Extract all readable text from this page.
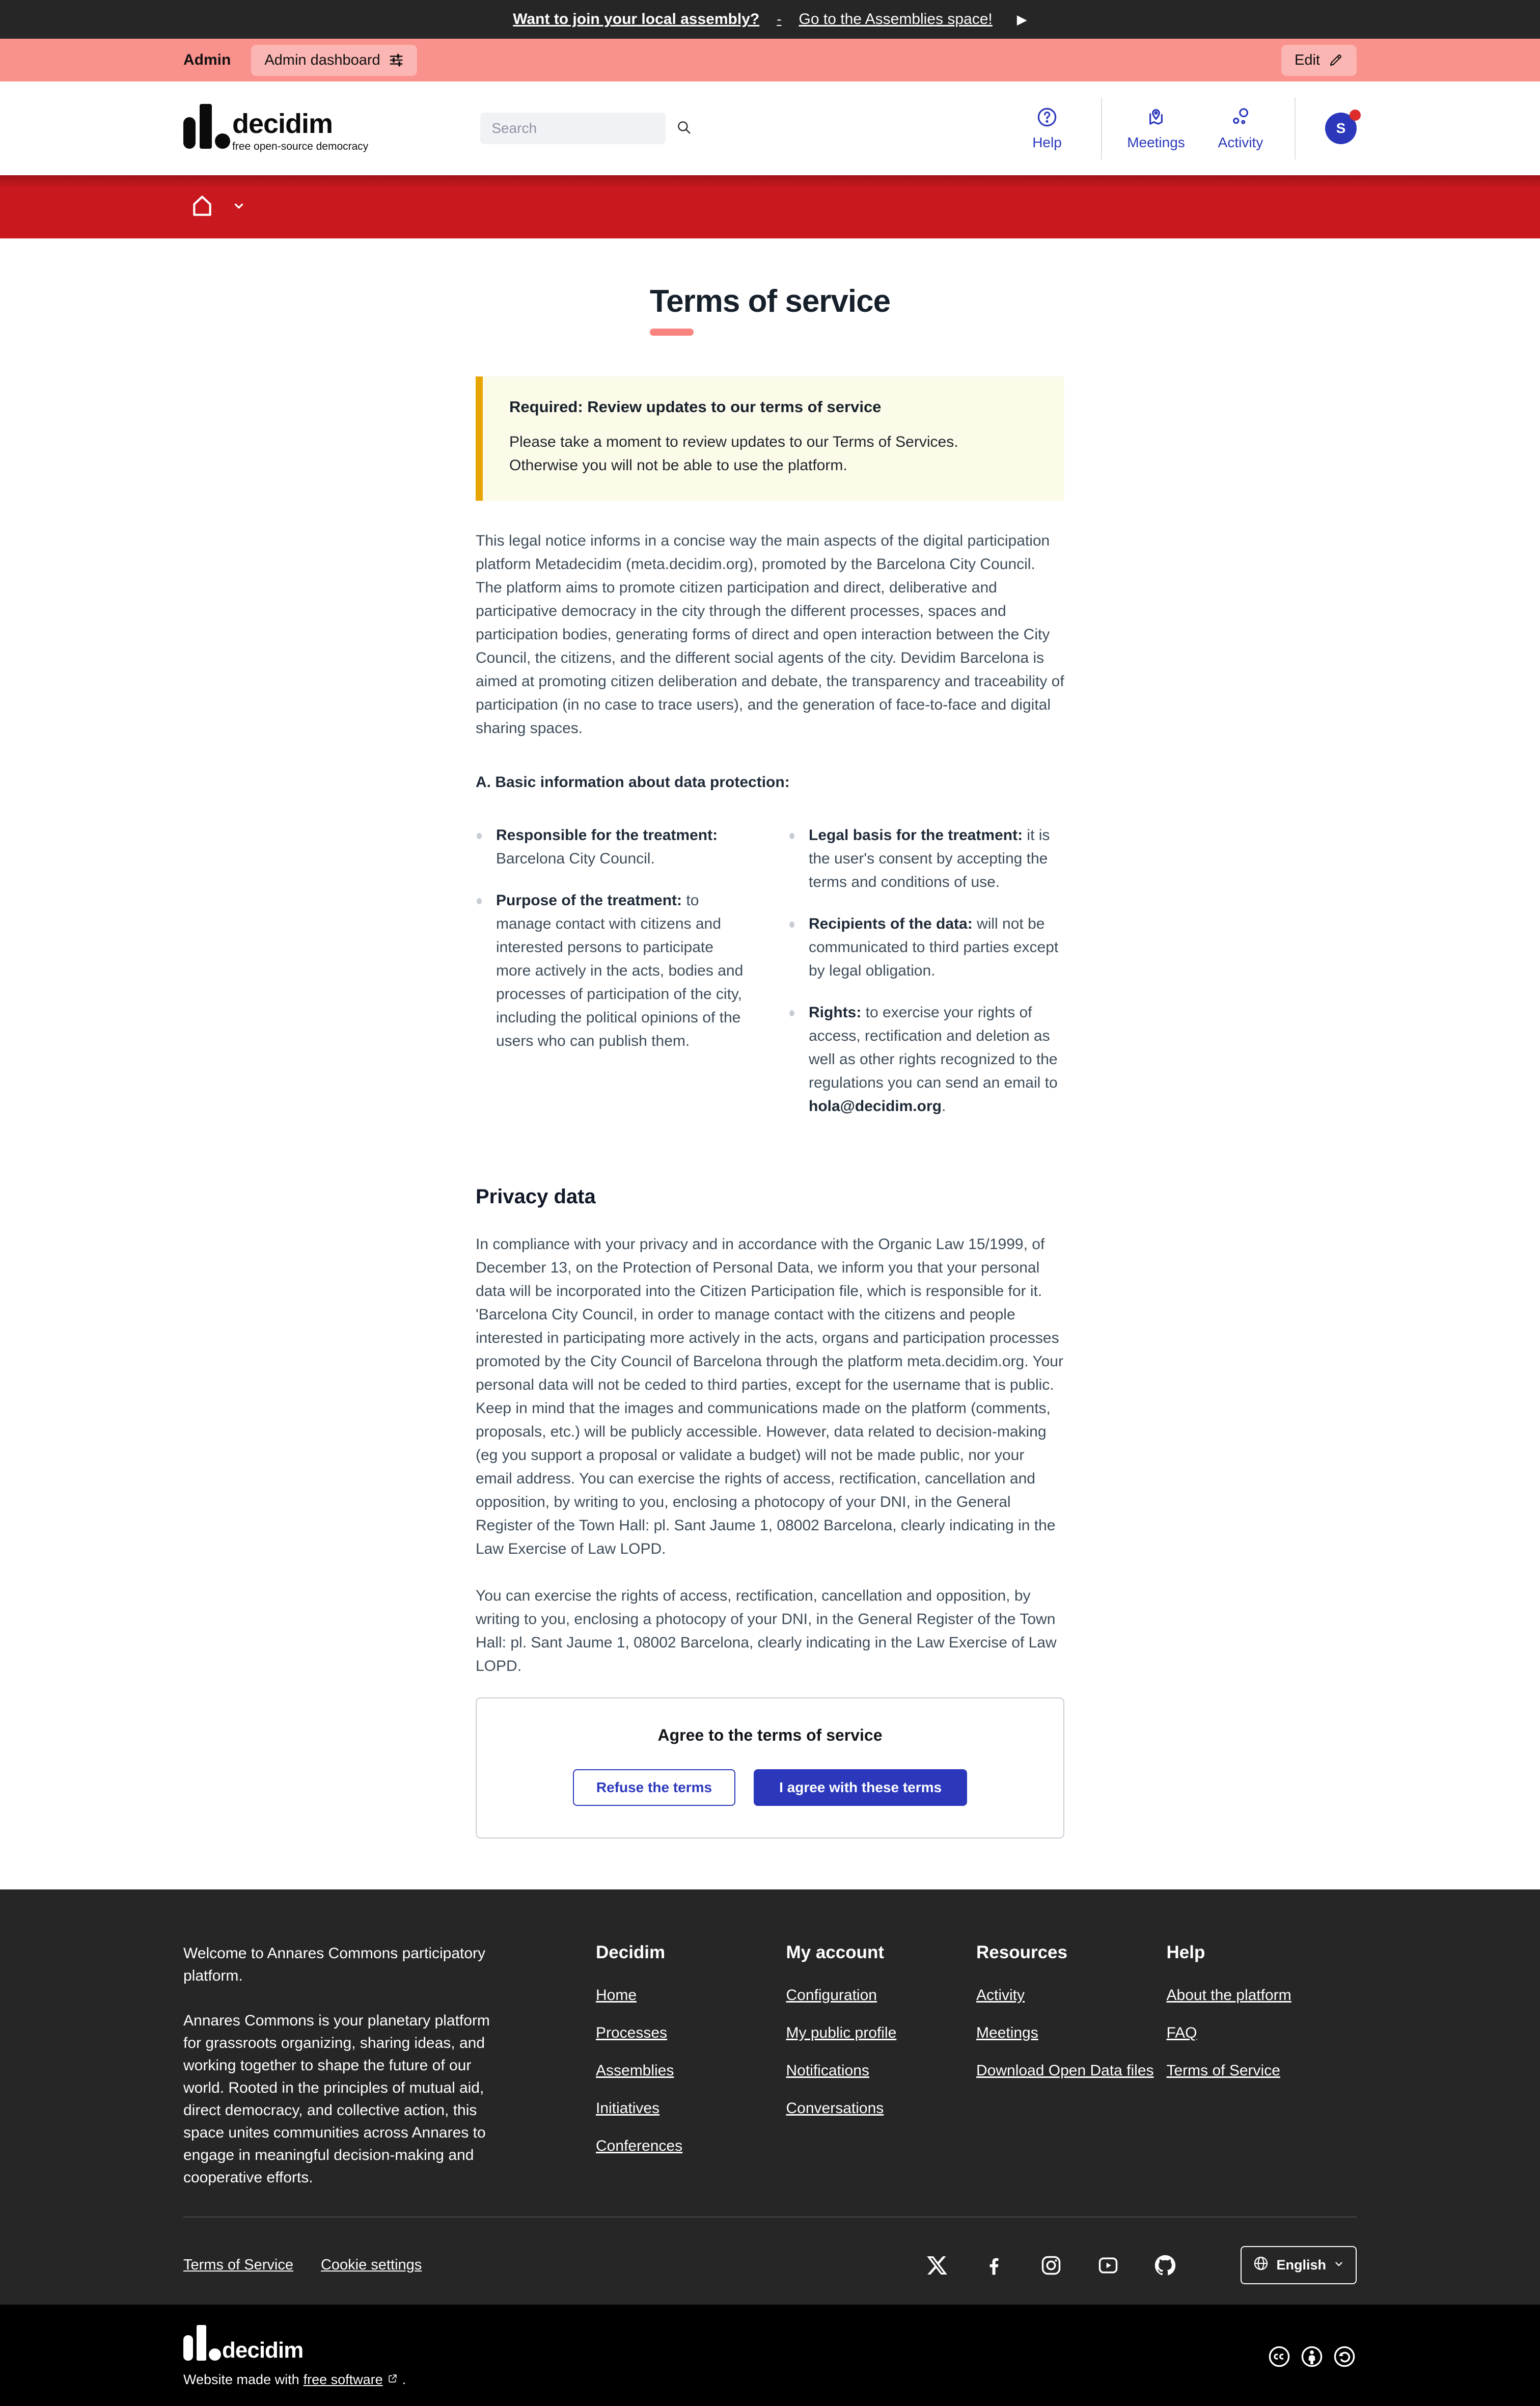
Want to join your local assembly? - Go to the Assemblies space! ▶
Admin Admin dashboard	Edit
decidim
free open-source democracy
Search	Help	Meetings Activity
S
Terms of service
Required: Review updates to our terms of service
Please take a moment to review updates to our Terms of Services. Otherwise you will not be able to use the platform.

This legal notice informs in a concise way the main aspects of the digital participation platform Metadecidim (meta.decidim.org), promoted by the Barcelona City Council. The platform aims to promote citizen participation and direct, deliberative and participative democracy in the city through the different processes, spaces and participation bodies, generating forms of direct and open interaction between the City Council, the citizens, and the different social agents of the city. Devidim Barcelona is aimed at promoting citizen deliberation and debate, the transparency and traceability of participation (in no case to trace users), and the generation of face-to-face and digital sharing spaces.

A. Basic information about data protection:

Responsible for the treatment: Barcelona City Council.
Purpose of the treatment: to manage contact with citizens and interested persons to participate more actively in the acts, bodies and processes of participation of the city, including the political opinions of the users who can publish them.
Legal basis for the treatment: it is the user's consent by accepting the terms and conditions of use.
Recipients of the data: will not be communicated to third parties except by legal obligation.
Rights: to exercise your rights of access, rectification and deletion as well as other rights recognized to the regulations you can send an email to hola@decidim.org.
Privacy data

In compliance with your privacy and in accordance with the Organic Law 15/1999, of December 13, on the Protection of Personal Data, we inform you that your personal data will be incorporated into the Citizen Participation file, which is responsible for it. 'Barcelona City Council, in order to manage contact with the citizens and people interested in participating more actively in the acts, organs and participation processes promoted by the City Council of Barcelona through the platform meta.decidim.org. Your personal data will not be ceded to third parties, except for the username that is public. Keep in mind that the images and communications made on the platform (comments, proposals, etc.) will be publicly accessible. However, data related to decision-making (eg you support a proposal or validate a budget) will not be made public, nor your email address. You can exercise the rights of access, rectification, cancellation and opposition, by writing to you, enclosing a photocopy of your DNI, in the General Register of the Town Hall: pl. Sant Jaume 1, 08002 Barcelona, clearly indicating in the Law Exercise of Law LOPD.

You can exercise the rights of access, rectification, cancellation and opposition, by writing to you, enclosing a photocopy of your DNI, in the General Register of the Town Hall: pl. Sant Jaume 1, 08002 Barcelona, clearly indicating in the Law Exercise of Law LOPD.

Agree to the terms of service
Refuse the terms	I agree with these terms

Welcome to Annares Commons participatory platform.

Annares Commons is your planetary platform for grassroots organizing, sharing ideas, and working together to shape the future of our world. Rooted in the principles of mutual aid, direct democracy, and collective action, this space unites communities across Annares to engage in meaningful decision-making and cooperative efforts.

Decidim
Home
Processes
Assemblies
Initiatives
Conferences
My account
Configuration
My public profile
Notifications
Conversations
Resources
Activity
Meetings
Download Open Data files
Help
About the platform
FAQ
Terms of Service
Terms of Service Cookie settings	English
decidim
Website made with free software .
